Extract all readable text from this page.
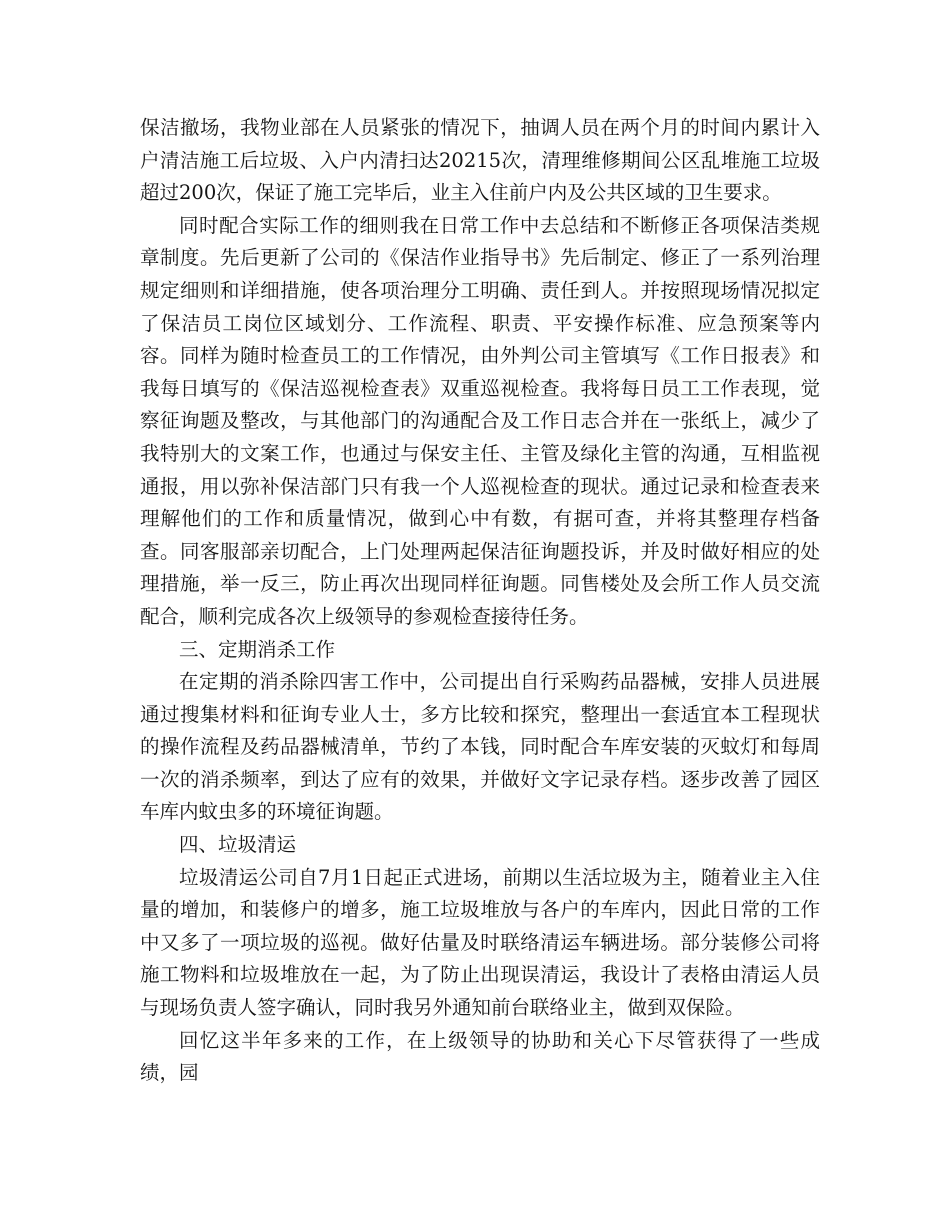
保洁撤场，我物业部在人员紧张的情况下，抽调人员在两个月的时间内累计入户清洁施工后垃圾、入户内清扫达20215次，清理维修期间公区乱堆施工垃圾超过200次，保证了施工完毕后，业主入住前户内及公共区域的卫生要求。

同时配合实际工作的细则我在日常工作中去总结和不断修正各项保洁类规章制度。先后更新了公司的《保洁作业指导书》先后制定、修正了一系列治理规定细则和详细措施，使各项治理分工明确、责任到人。并按照现场情况拟定了保洁员工岗位区域划分、工作流程、职责、平安操作标准、应急预案等内容。同样为随时检查员工的工作情况，由外判公司主管填写《工作日报表》和我每日填写的《保洁巡视检查表》双重巡视检查。我将每日员工工作表现，觉察征询题及整改，与其他部门的沟通配合及工作日志合并在一张纸上，减少了我特别大的文案工作，也通过与保安主任、主管及绿化主管的沟通，互相监视通报，用以弥补保洁部门只有我一个人巡视检查的现状。通过记录和检查表来理解他们的工作和质量情况，做到心中有数，有据可查，并将其整理存档备查。同客服部亲切配合，上门处理两起保洁征询题投诉，并及时做好相应的处理措施，举一反三，防止再次出现同样征询题。同售楼处及会所工作人员交流配合，顺利完成各次上级领导的参观检查接待任务。

三、定期消杀工作

在定期的消杀除四害工作中，公司提出自行采购药品器械，安排人员进展通过搜集材料和征询专业人士，多方比较和探究，整理出一套适宜本工程现状的操作流程及药品器械清单，节约了本钱，同时配合车库安装的灭蚊灯和每周一次的消杀频率，到达了应有的效果，并做好文字记录存档。逐步改善了园区车库内蚊虫多的环境征询题。

四、垃圾清运

垃圾清运公司自7月1日起正式进场，前期以生活垃圾为主，随着业主入住量的增加，和装修户的增多，施工垃圾堆放与各户的车库内，因此日常的工作中又多了一项垃圾的巡视。做好估量及时联络清运车辆进场。部分装修公司将施工物料和垃圾堆放在一起，为了防止出现误清运，我设计了表格由清运人员与现场负责人签字确认，同时我另外通知前台联络业主，做到双保险。

回忆这半年多来的工作，在上级领导的协助和关心下尽管获得了一些成绩，园
